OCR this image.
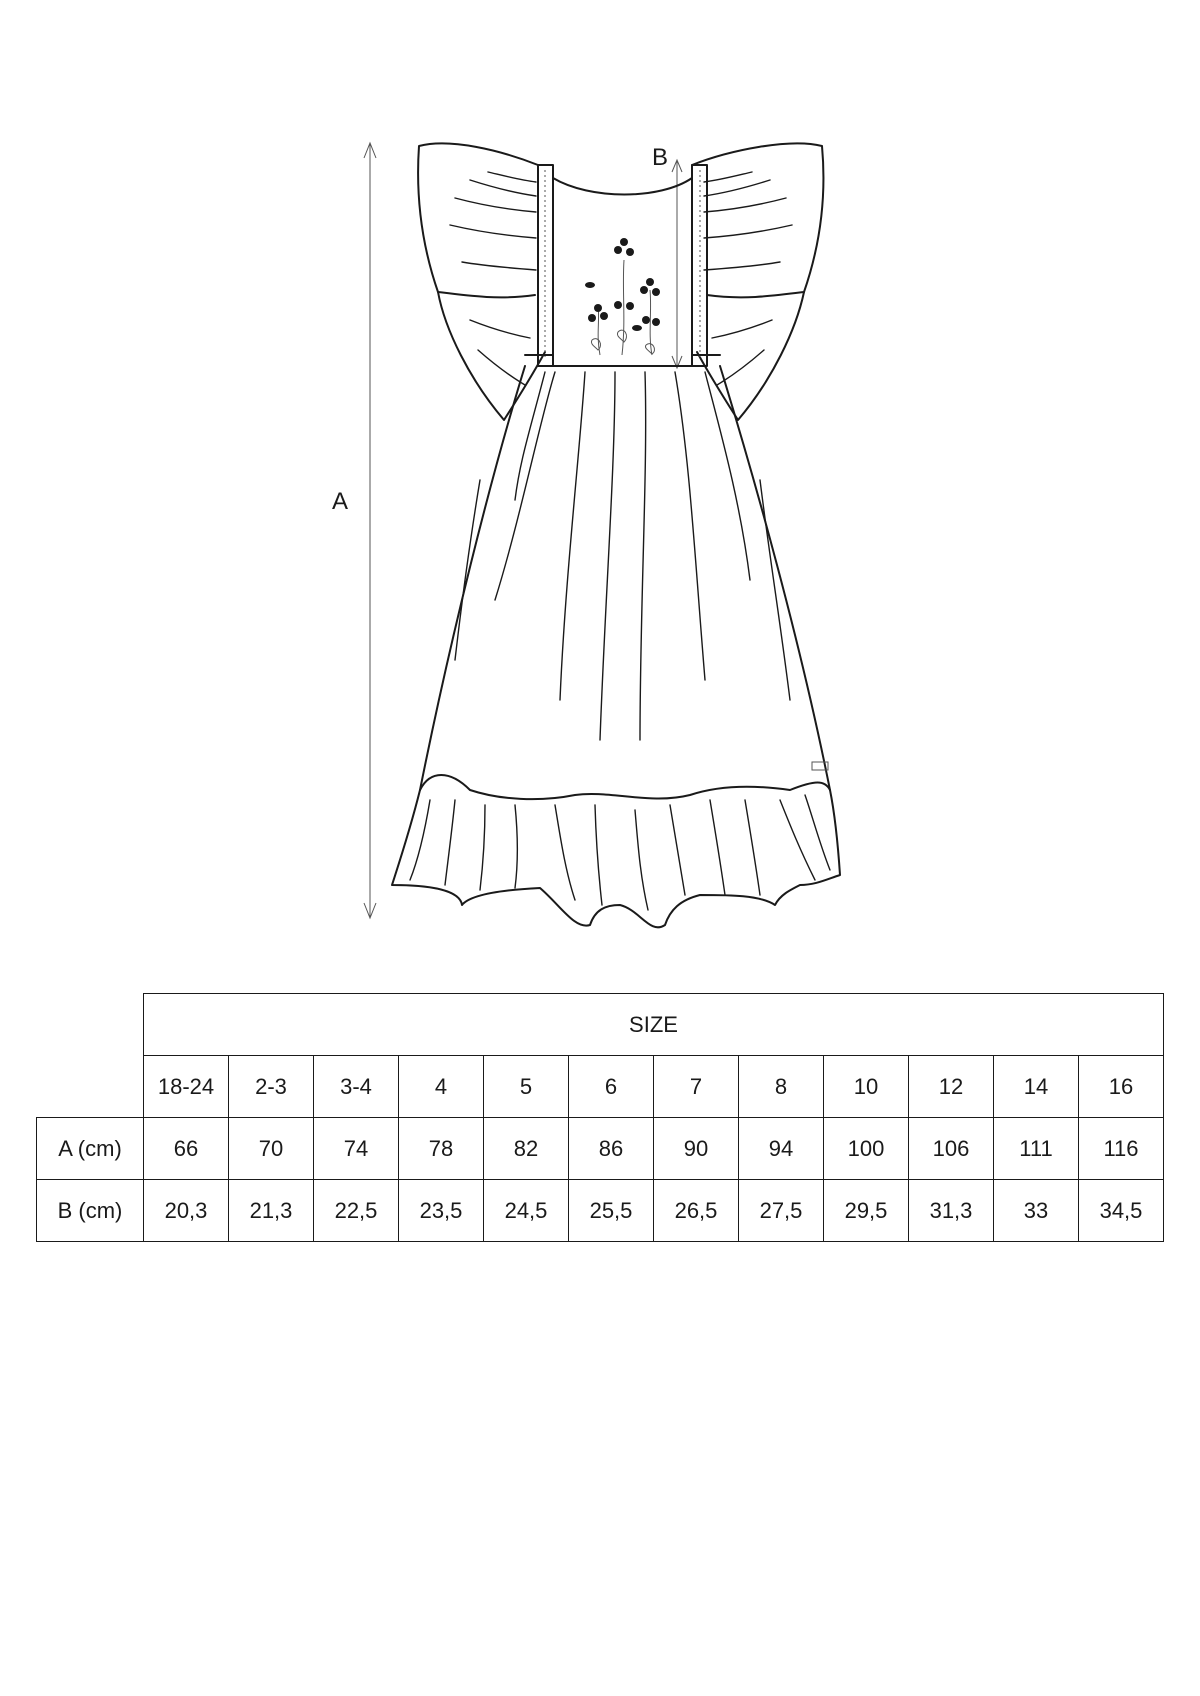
A
B
	SIZE											
	18-24	2-3	3-4	4	5	6	7	8	10	12	14	16
A (cm)	66	70	74	78	82	86	90	94	100	106	111	116
B (cm)	20,3	21,3	22,5	23,5	24,5	25,5	26,5	27,5	29,5	31,3	33	34,5
